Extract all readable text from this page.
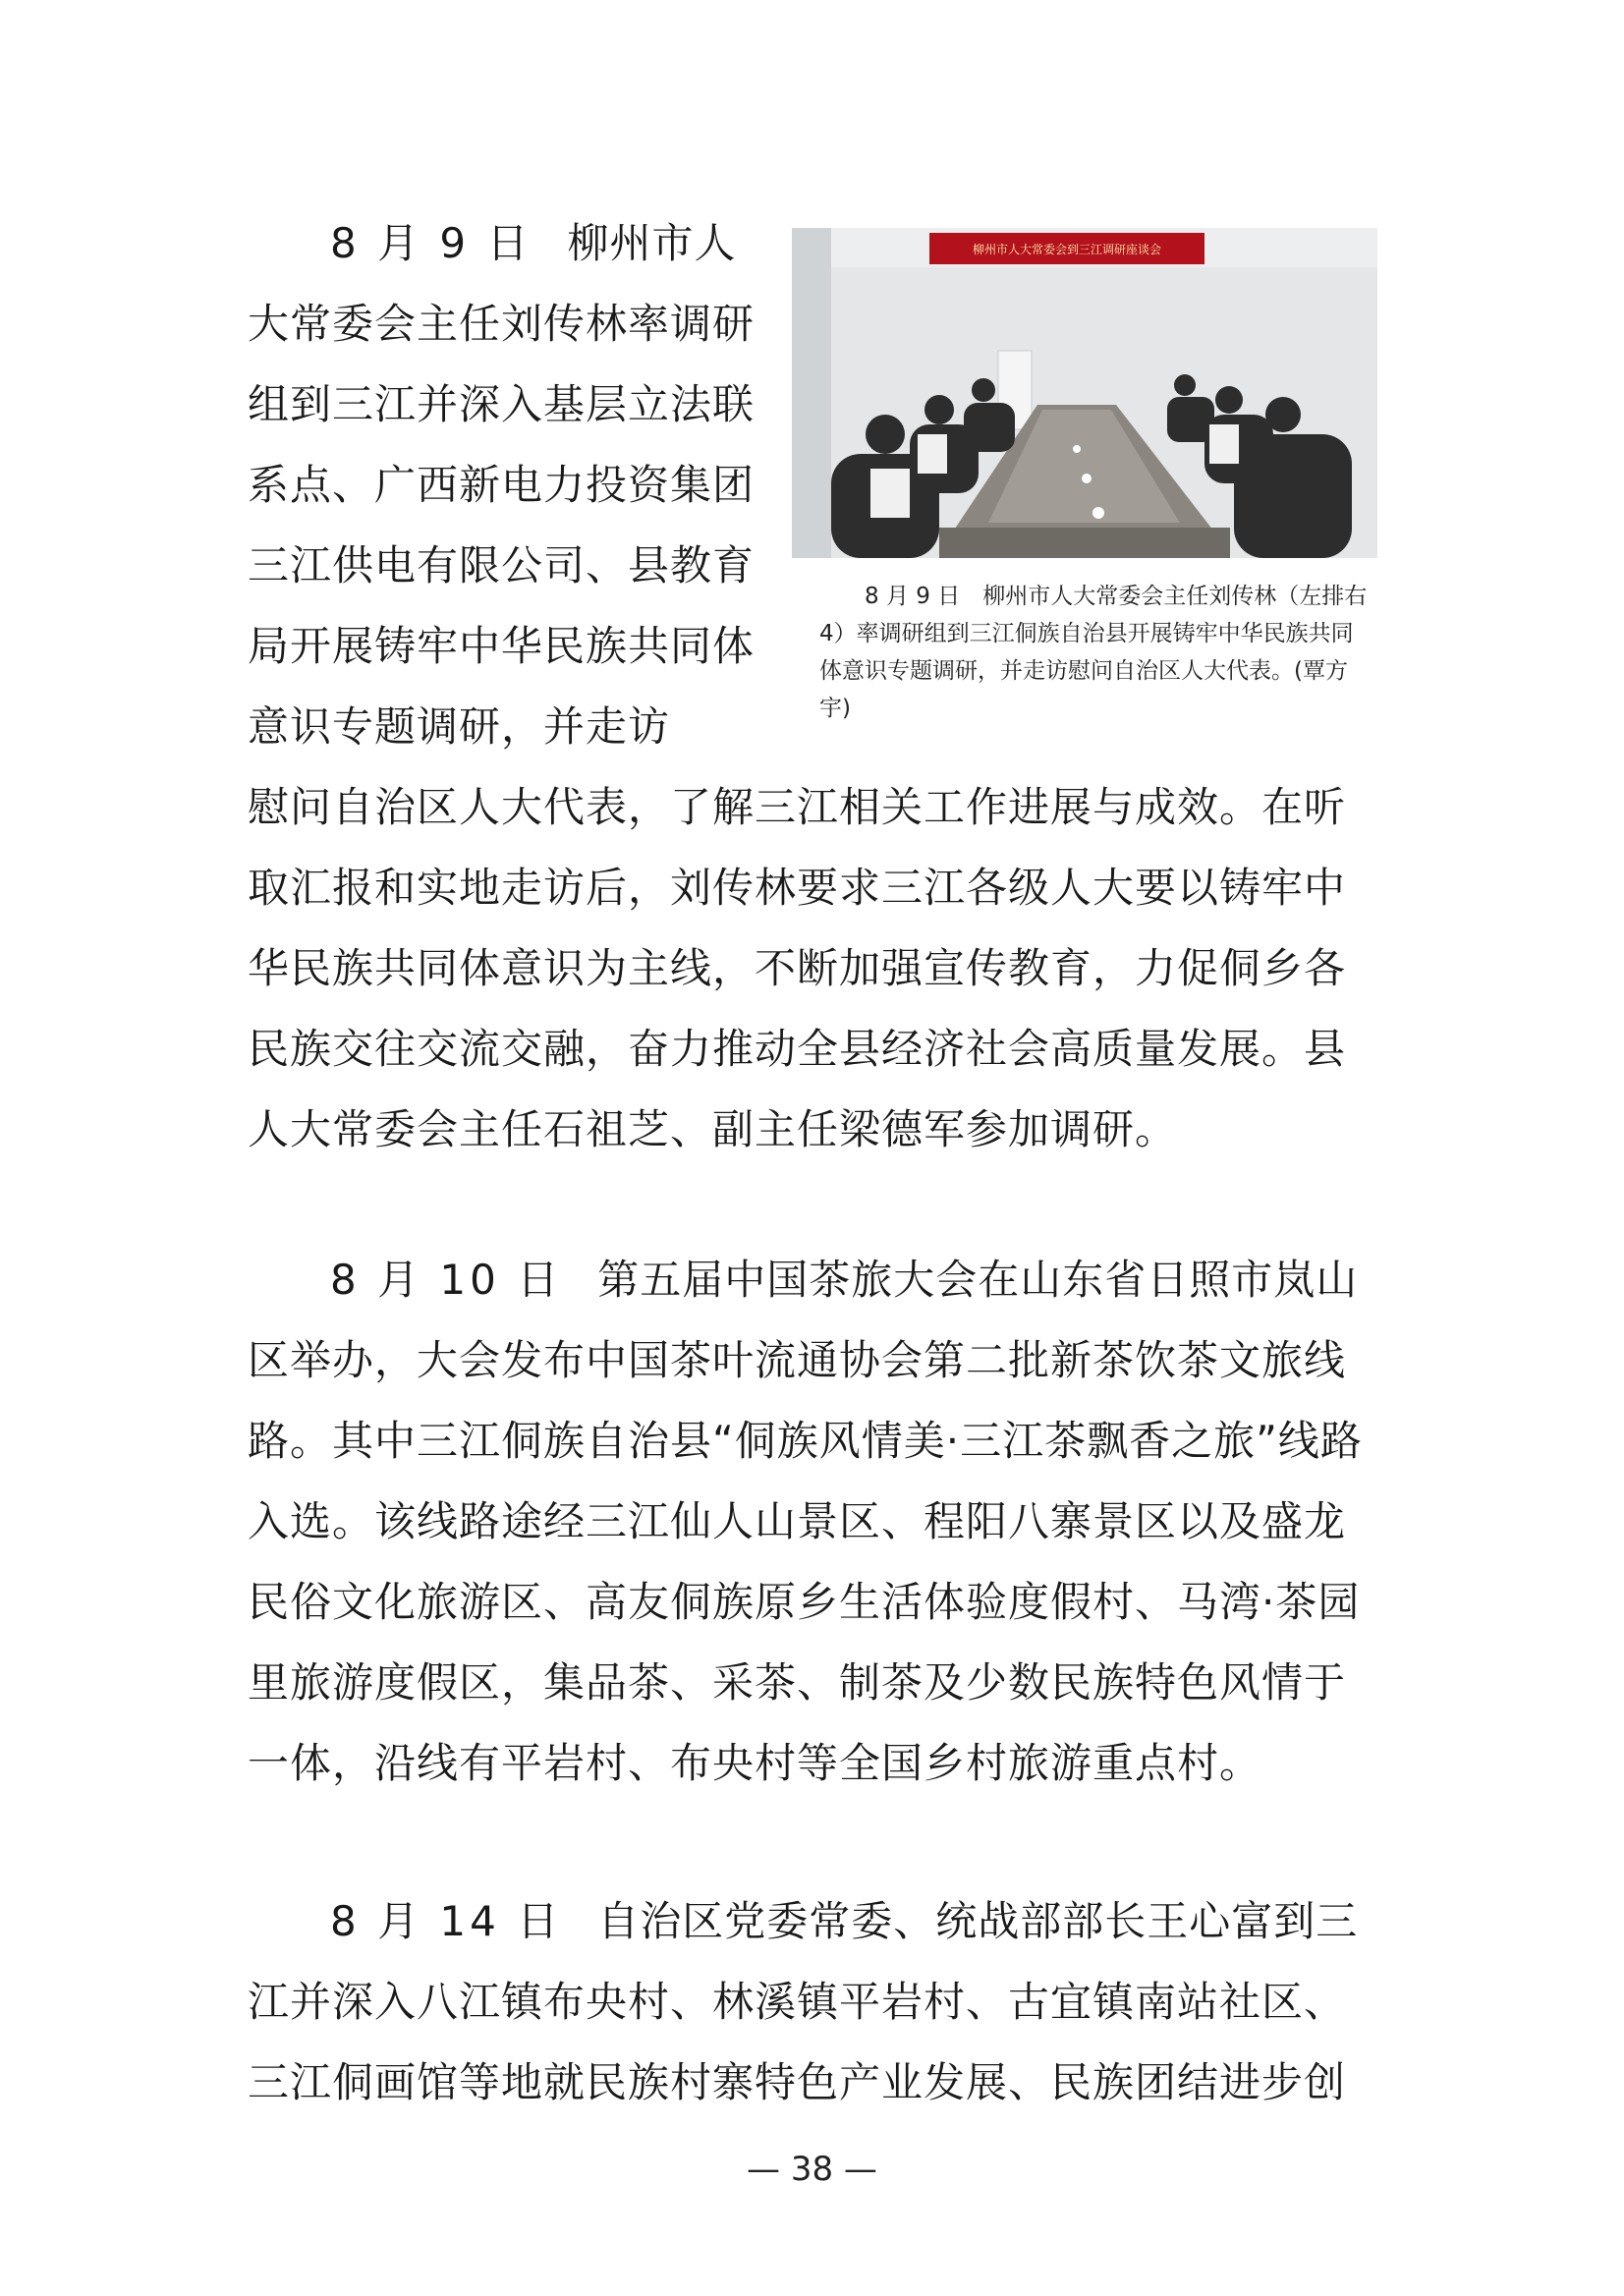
8 月 9 日 柳州市人大常委会主任刘传林率调研组到三江并深入基层立法联系点、广西新电力投资集团三江供电有限公司、县教育局开展铸牢中华民族共同体意识专题调研，并走访

柳州市人大常委会到三江调研座谈会

8 月 9 日　柳州市人大常委会主任刘传林（左排右 4）率调研组到三江侗族自治县开展铸牢中华民族共同体意识专题调研，并走访慰问自治区人大代表。(覃方宇)

慰问自治区人大代表，了解三江相关工作进展与成效。在听取汇报和实地走访后，刘传林要求三江各级人大要以铸牢中华民族共同体意识为主线，不断加强宣传教育，力促侗乡各民族交往交流交融，奋力推动全县经济社会高质量发展。县人大常委会主任石祖芝、副主任梁德军参加调研。

8 月 10 日 第五届中国茶旅大会在山东省日照市岚山区举办，大会发布中国茶叶流通协会第二批新茶饮茶文旅线路。其中三江侗族自治县“侗族风情美·三江茶飘香之旅”线路入选。该线路途经三江仙人山景区、程阳八寨景区以及盛龙民俗文化旅游区、高友侗族原乡生活体验度假村、马湾·茶园里旅游度假区，集品茶、采茶、制茶及少数民族特色风情于一体，沿线有平岩村、布央村等全国乡村旅游重点村。

8 月 14 日 自治区党委常委、统战部部长王心富到三江并深入八江镇布央村、林溪镇平岩村、古宜镇南站社区、三江侗画馆等地就民族村寨特色产业发展、民族团结进步创

— 38 —
